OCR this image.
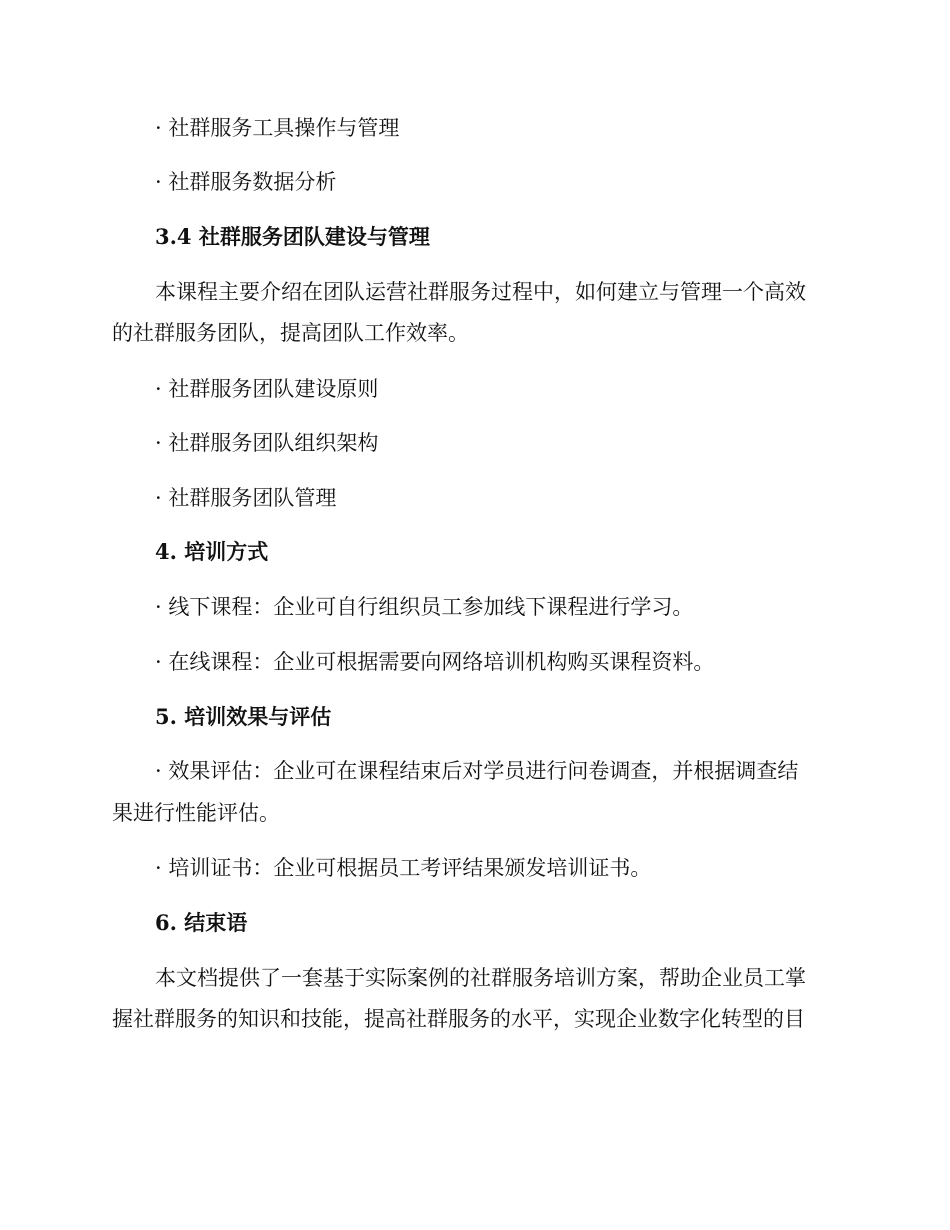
· 社群服务工具操作与管理

· 社群服务数据分析

3.4 社群服务团队建设与管理

本课程主要介绍在团队运营社群服务过程中，如何建立与管理一个高效

的社群服务团队，提高团队工作效率。

· 社群服务团队建设原则

· 社群服务团队组织架构

· 社群服务团队管理

4. 培训方式

· 线下课程：企业可自行组织员工参加线下课程进行学习。

· 在线课程：企业可根据需要向网络培训机构购买课程资料。

5. 培训效果与评估

· 效果评估：企业可在课程结束后对学员进行问卷调查，并根据调查结

果进行性能评估。

· 培训证书：企业可根据员工考评结果颁发培训证书。

6. 结束语

本文档提供了一套基于实际案例的社群服务培训方案，帮助企业员工掌

握社群服务的知识和技能，提高社群服务的水平，实现企业数字化转型的目
